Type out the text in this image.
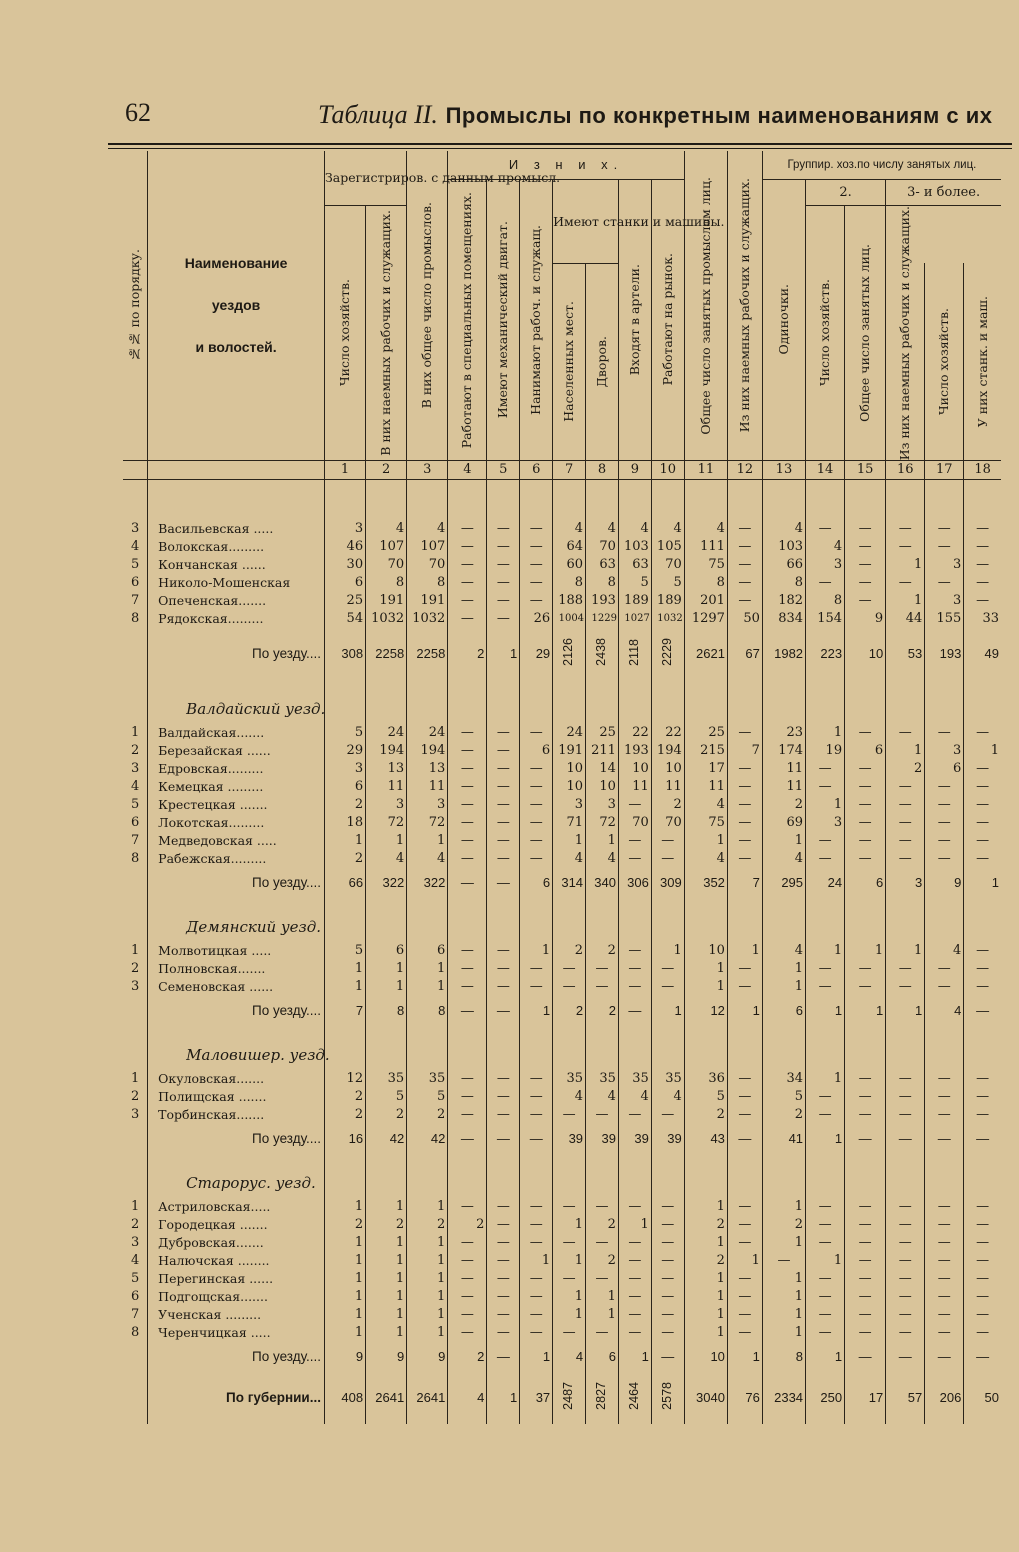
62	Таблица II. Промыслы по конкретным наименованиям с их
№№ по порядку.	Наименование
уездов
и волостей.	Зарегистриров. с данным промысл.		В них общее число промыслов.	И з н и х.							Общее число занятых промыслом лиц.	Из них наемных рабочих и служащих.	Группир. хоз.по числу занятых лиц.					

					Работают в специальных помещениях.	Имеют механический двигат.	Нанимают рабоч. и служащ.	Имеют станки и машины.		Входят в артели.	Работают на рынок.			Одиночки.	2.		3- и более.		

		Число хозяйств.	В них наемных рабочих и служащих.												Число хозяйств.	Общее число занятых лиц.	Из них наемных рабочих и служащих.		

								Населенных мест.	Дворов.									Число хозяйств.	У них станк. и маш.

		1	2	3	4	5	6	7	8	9	10	11	12	13	14	15	16	17	18

3	Васильевская .....	3	4	4	—	—	—	4	4	4	4	4	—	4	—	—	—	—	—
4	Волокская.........	46	107	107	—	—	—	64	70	103	105	111	—	103	4	—	—	—	—
5	Кончанская ......	30	70	70	—	—	—	60	63	63	70	75	—	66	3	—	1	3	—
6	Николо-Мошенская	6	8	8	—	—	—	8	8	5	5	8	—	8	—	—	—	—	—
7	Опеченская.......	25	191	191	—	—	—	188	193	189	189	201	—	182	8	—	1	3	—
8	Рядокская.........	54	1032	1032	—	—	26	1004	1229	1027	1032	1297	50	834	154	9	44	155	33
	По уезду....	308	2258	2258	2	1	29	2126	2438	2118	2229	2621	67	1982	223	10	53	193	49
	Валдайский уезд.																		
1	Валдайская.......	5	24	24	—	—	—	24	25	22	22	25	—	23	1	—	—	—	—
2	Березайская ......	29	194	194	—	—	6	191	211	193	194	215	7	174	19	6	1	3	1
3	Едровская.........	3	13	13	—	—	—	10	14	10	10	17	—	11	—	—	2	6	—
4	Кемецкая .........	6	11	11	—	—	—	10	10	11	11	11	—	11	—	—	—	—	—
5	Крестецкая .......	2	3	3	—	—	—	3	3	—	2	4	—	2	1	—	—	—	—
6	Локотская.........	18	72	72	—	—	—	71	72	70	70	75	—	69	3	—	—	—	—
7	Медведовская .....	1	1	1	—	—	—	1	1	—	—	1	—	1	—	—	—	—	—
8	Рабежская.........	2	4	4	—	—	—	4	4	—	—	4	—	4	—	—	—	—	—
	По уезду....	66	322	322	—	—	6	314	340	306	309	352	7	295	24	6	3	9	1
	Демянский уезд.																		
1	Молвотицкая .....	5	6	6	—	—	1	2	2	—	1	10	1	4	1	1	1	4	—
2	Полновская.......	1	1	1	—	—	—	—	—	—	—	1	—	1	—	—	—	—	—
3	Семеновская ......	1	1	1	—	—	—	—	—	—	—	1	—	1	—	—	—	—	—
	По уезду....	7	8	8	—	—	1	2	2	—	1	12	1	6	1	1	1	4	—
	Маловишер. уезд.																		
1	Окуловская.......	12	35	35	—	—	—	35	35	35	35	36	—	34	1	—	—	—	—
2	Полищская .......	2	5	5	—	—	—	4	4	4	4	5	—	5	—	—	—	—	—
3	Торбинская.......	2	2	2	—	—	—	—	—	—	—	2	—	2	—	—	—	—	—
	По уезду....	16	42	42	—	—	—	39	39	39	39	43	—	41	1	—	—	—	—
	Старорус. уезд.																		
1	Астриловская.....	1	1	1	—	—	—	—	—	—	—	1	—	1	—	—	—	—	—
2	Городецкая .......	2	2	2	2	—	—	1	2	1	—	2	—	2	—	—	—	—	—
3	Дубровская.......	1	1	1	—	—	—	—	—	—	—	1	—	1	—	—	—	—	—
4	Налючская ........	1	1	1	—	—	1	1	2	—	—	2	1	—	1	—	—	—	—
5	Перегинская ......	1	1	1	—	—	—	—	—	—	—	1	—	1	—	—	—	—	—
6	Подгощская.......	1	1	1	—	—	—	1	1	—	—	1	—	1	—	—	—	—	—
7	Ученская .........	1	1	1	—	—	—	1	1	—	—	1	—	1	—	—	—	—	—
8	Черенчицкая .....	1	1	1	—	—	—	—	—	—	—	1	—	1	—	—	—	—	—
	По уезду....	9	9	9	2	—	1	4	6	1	—	10	1	8	1	—	—	—	—
	По губернии...	408	2641	2641	4	1	37	2487	2827	2464	2578	3040	76	2334	250	17	57	206	50
